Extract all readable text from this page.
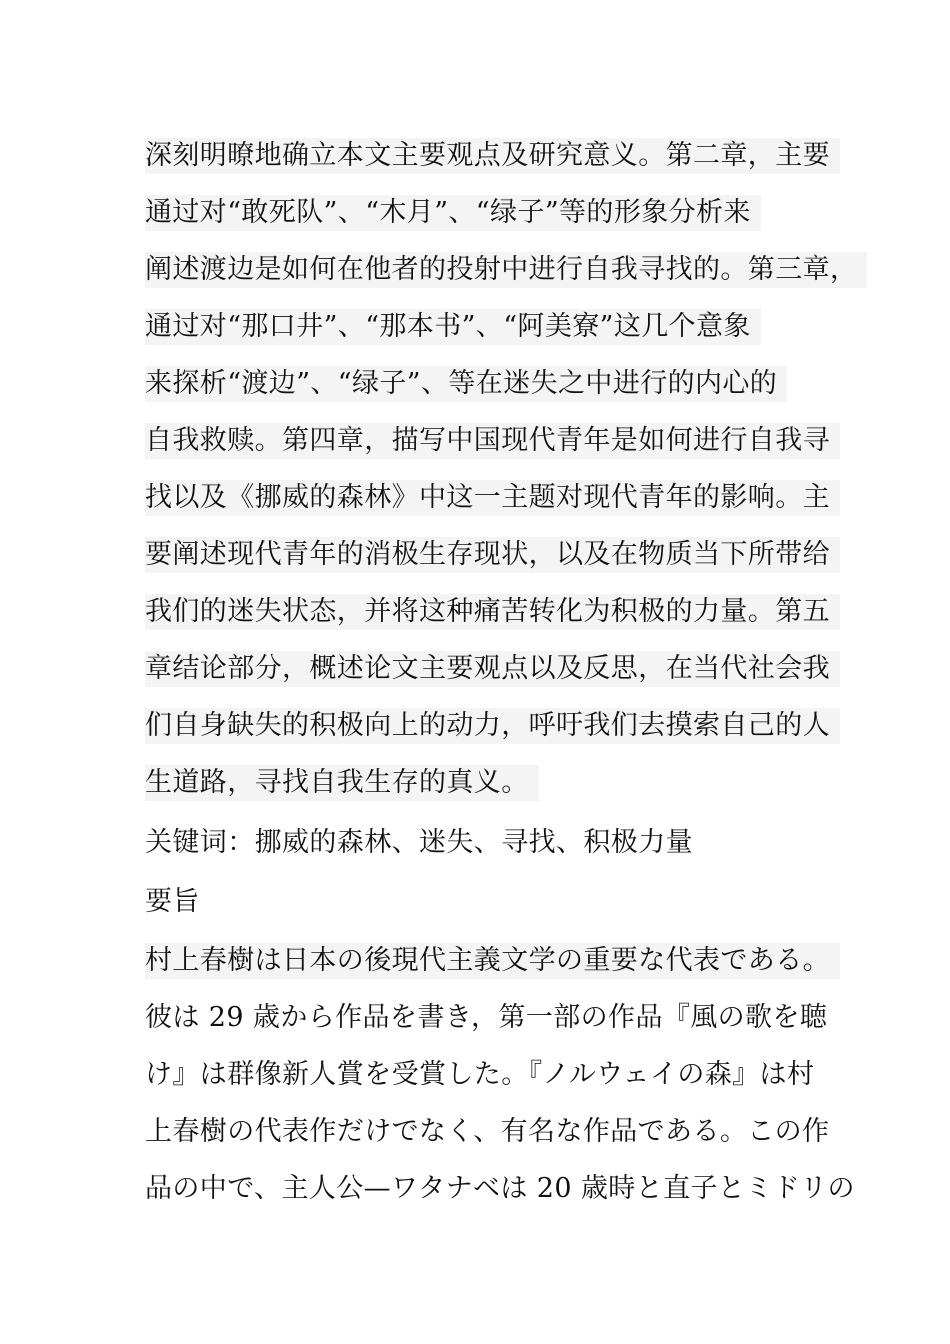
深刻明暸地确立本文主要观点及研究意义。第二章，主要
通过对“敢死队”、“木月”、“绿子”等的形象分析来
阐述渡边是如何在他者的投射中进行自我寻找的。第三章，
通过对“那口井”、“那本书”、“阿美寮”这几个意象
来探析“渡边”、“绿子”、等在迷失之中进行的内心的
自我救赎。第四章，描写中国现代青年是如何进行自我寻
找以及《挪威的森林》中这一主题对现代青年的影响。主
要阐述现代青年的消极生存现状，以及在物质当下所带给
我们的迷失状态，并将这种痛苦转化为积极的力量。第五
章结论部分，概述论文主要观点以及反思，在当代社会我
们自身缺失的积极向上的动力，呼吁我们去摸索自己的人
生道路，寻找自我生存的真义。
关键词：挪威的森林、迷失、寻找、积极力量
要旨
村上春樹は日本の後現代主義文学の重要な代表である。
彼は 29 歳から作品を書き，第一部の作品『風の歌を聴
け』は群像新人賞を受賞した。『ノルウェイの森』は村
上春樹の代表作だけでなく、有名な作品である。この作
品の中で、主人公—ワタナベは 20 歳時と直子とミドリの
